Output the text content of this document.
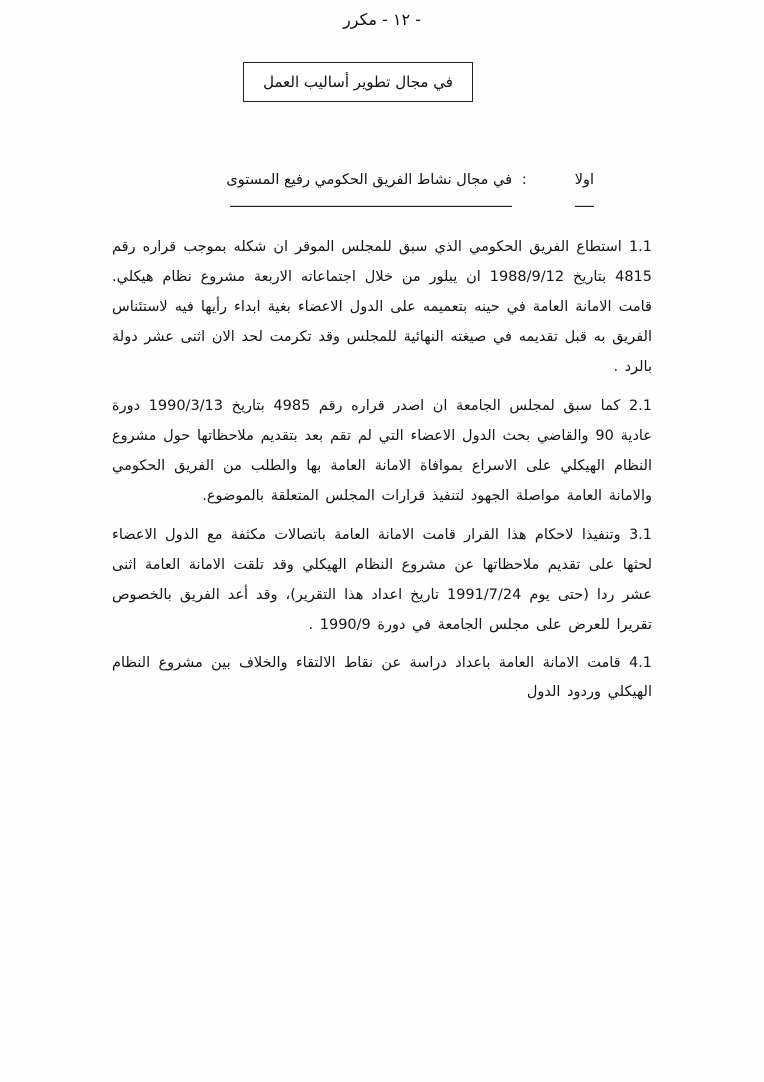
- ١٢ - مكرر
في مجال تطوير أساليب العمل
اولا
:
في مجال نشاط الفريق الحكومي رفيع المستوى
ـــــ
ــــــــــــــــــــــــــــــــــــــــــــــــــــــــــــــــــــــــــ

1.1 استطاع الفريق الحكومي الذي سبق للمجلس الموقر ان شكله بموجب قراره رقم 4815 بتاريخ 1988/9/12 ان يبلور من خلال اجتماعاته الاربعة مشروع نظام هيكلي. قامت الامانة العامة في حينه بتعميمه على الدول الاعضاء بغية ابداء رأيها فيه لاستئناس الفريق به قبل تقديمه في صيغته النهائية للمجلس وقد تكرمت لحد الان اثنى عشر دولة بالرد .

2.1 كما سبق لمجلس الجامعة ان اصدر قراره رقم 4985 بتاريخ 1990/3/13 دورة عادية 90 والقاضي بحث الدول الاعضاء التي لم تقم بعد بتقديم ملاحظاتها حول مشروع النظام الهيكلي على الاسراع بموافاة الامانة العامة بها والطلب من الفريق الحكومي والامانة العامة مواصلة الجهود لتنفيذ قرارات المجلس المتعلقة بالموضوع.

3.1 وتنفيذا لاحكام هذا القرار قامت الامانة العامة باتصالات مكثفة مع الدول الاعضاء لحثها على تقديم ملاحظاتها عن مشروع النظام الهيكلي وقد تلقت الامانة العامة اثنى عشر ردا (حتى يوم 1991/7/24 تاريخ اعداد هذا التقرير)، وقد أعد الفريق بالخصوص تقريرا للعرض على مجلس الجامعة في دورة 1990/9 .

4.1 قامت الامانة العامة باعداد دراسة عن نقاط الالتقاء والخلاف بين مشروع النظام الهيكلي وردود الدول
